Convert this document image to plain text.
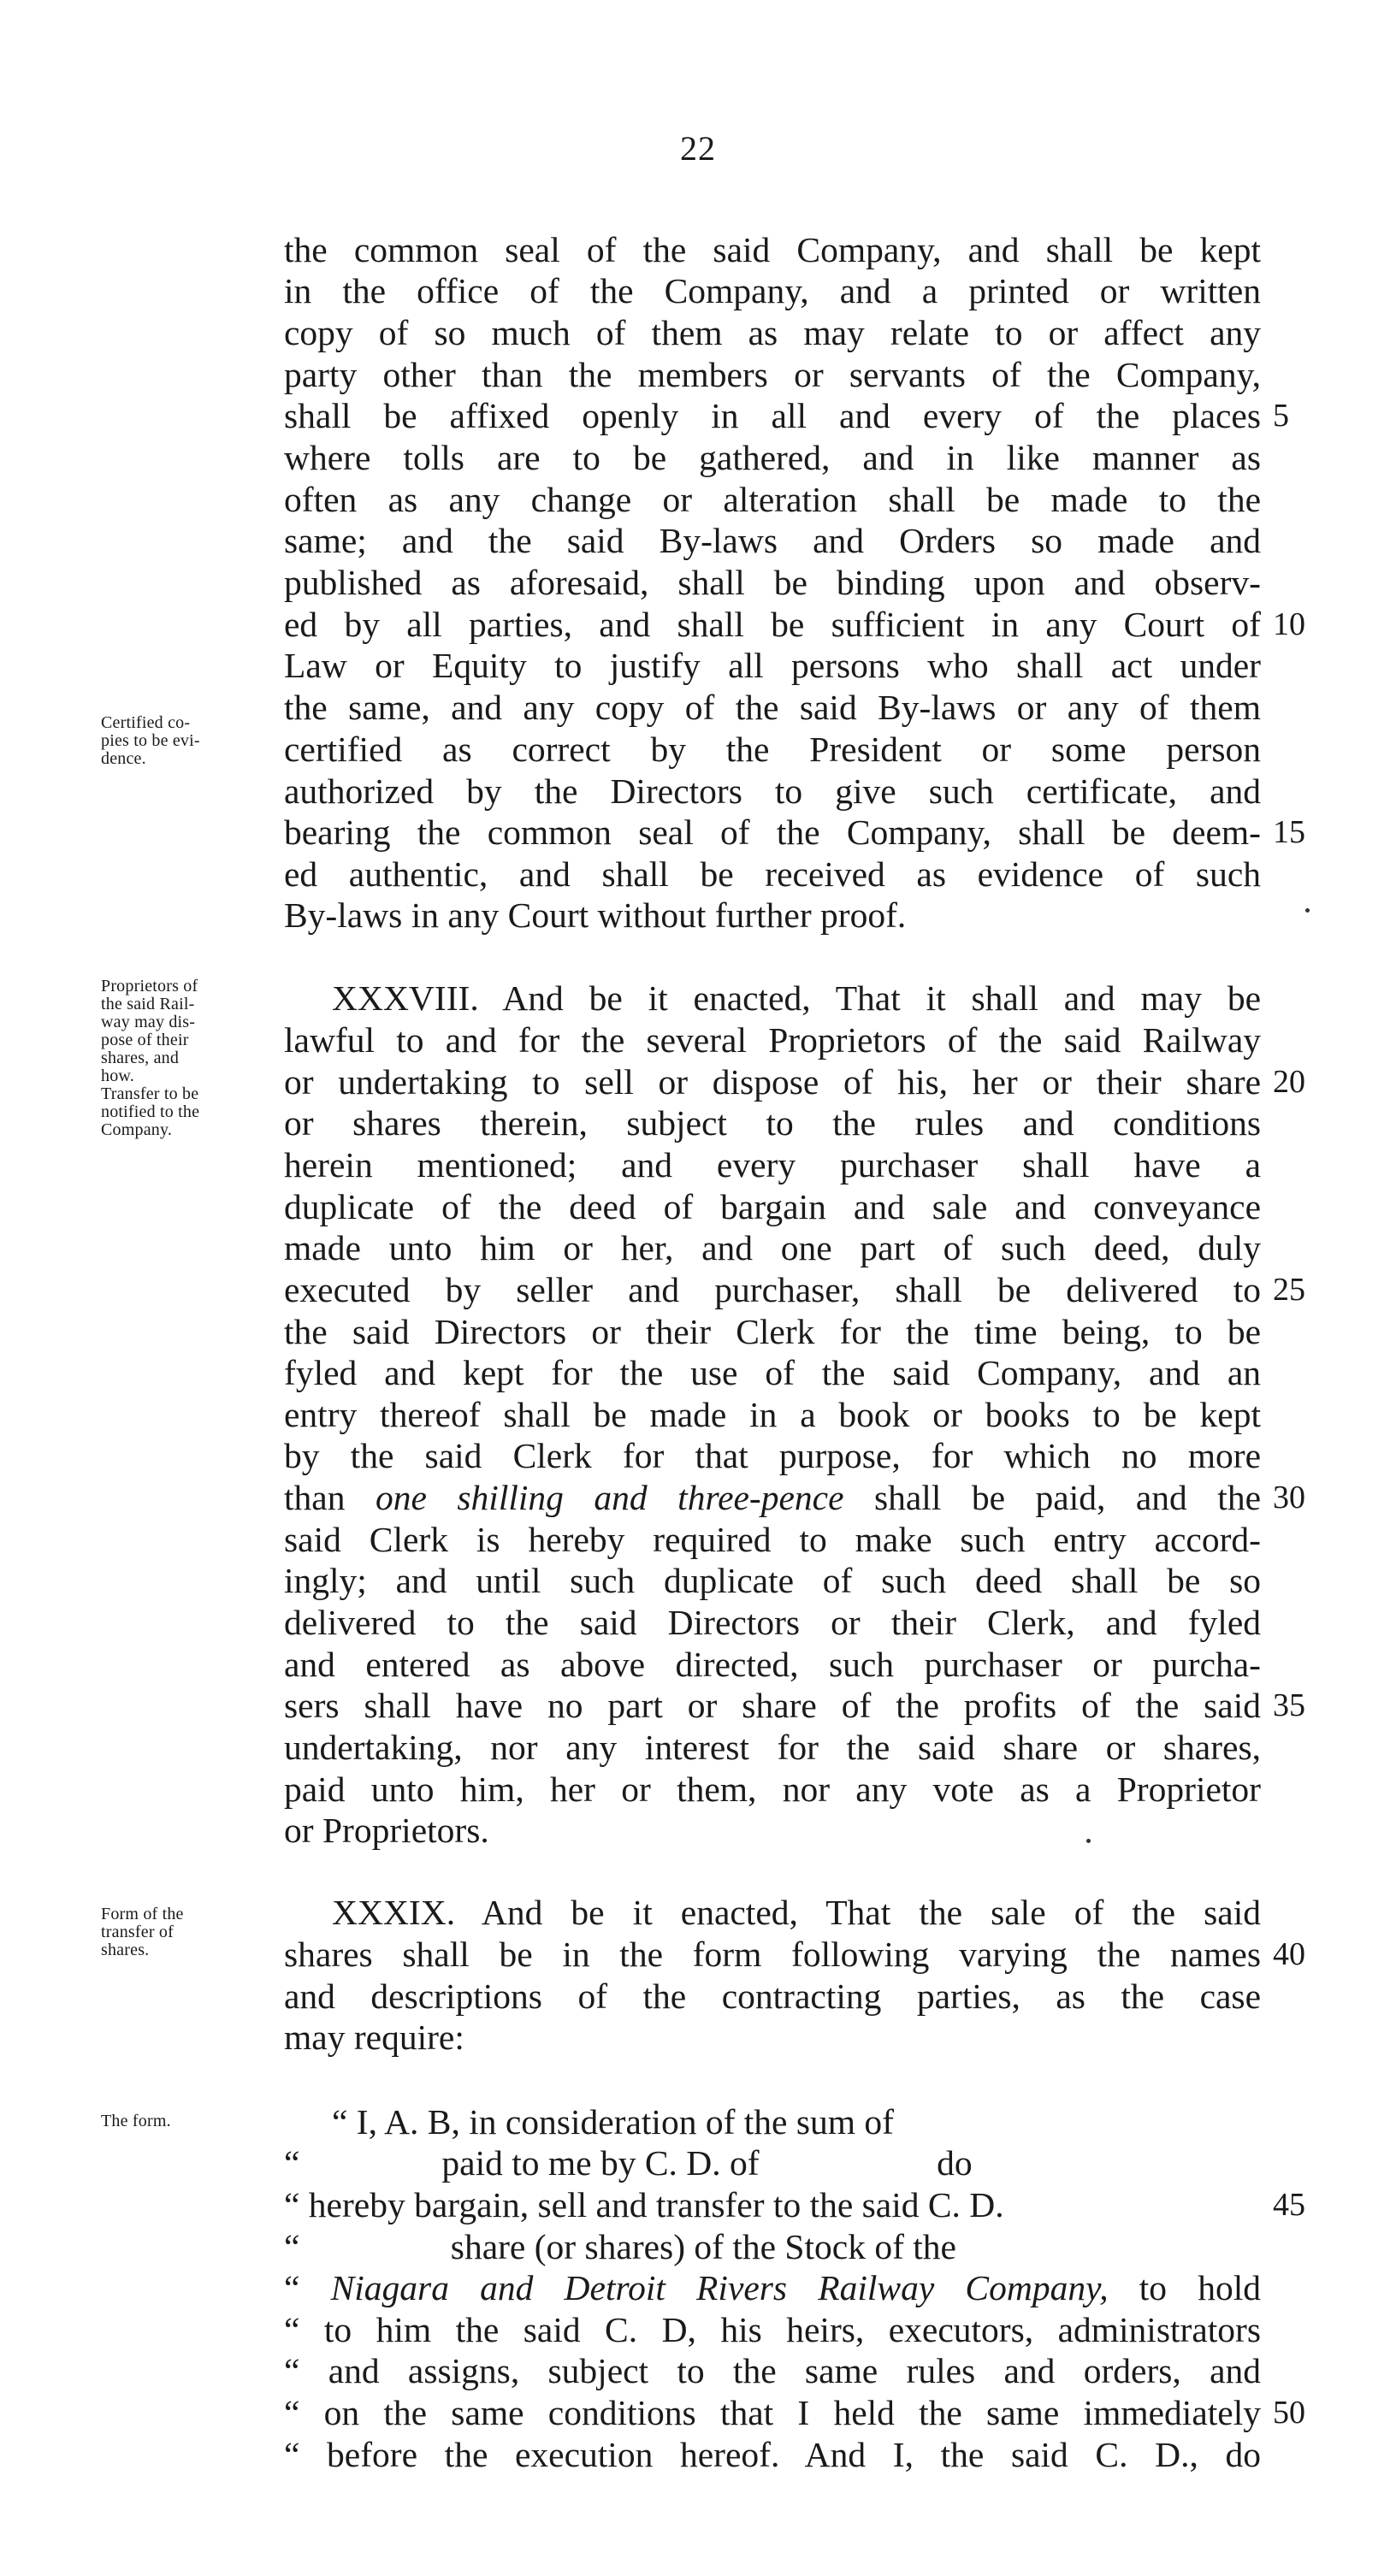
22
Certified co-
pies to be evi-
dence.
Proprietors of
the said Rail-
way may dis-
pose of their
shares, and
how.
Transfer to be
notified to the
Company.
Form of the
transfer of
shares.
The form.
the common seal of the said Company, and shall be kept
in the office of the Company, and a printed or written
copy of so much of them as may relate to or affect any
party other than the members or servants of the Company,
shall be affixed openly in all and every of the places 5
where tolls are to be gathered, and in like manner as
often as any change or alteration shall be made to the
same; and the said By-laws and Orders so made and
published as aforesaid, shall be binding upon and observ-
ed by all parties, and shall be sufficient in any Court of 10
Law or Equity to justify all persons who shall act under
the same, and any copy of the said By-laws or any of them
certified as correct by the President or some person
authorized by the Directors to give such certificate, and
bearing the common seal of the Company, shall be deem- 15
ed authentic, and shall be received as evidence of such
By-laws in any Court without further proof.
XXXVIII. And be it enacted, That it shall and may be
lawful to and for the several Proprietors of the said Railway
or undertaking to sell or dispose of his, her or their share 20
or shares therein, subject to the rules and conditions
herein mentioned; and every purchaser shall have a
duplicate of the deed of bargain and sale and conveyance
made unto him or her, and one part of such deed, duly
executed by seller and purchaser, shall be delivered to 25
the said Directors or their Clerk for the time being, to be
fyled and kept for the use of the said Company, and an
entry thereof shall be made in a book or books to be kept
by the said Clerk for that purpose, for which no more
than one shilling and three-pence shall be paid, and the 30
said Clerk is hereby required to make such entry accord-
ingly; and until such duplicate of such deed shall be so
delivered to the said Directors or their Clerk, and fyled
and entered as above directed, such purchaser or purcha-
sers shall have no part or share of the profits of the said 35
undertaking, nor any interest for the said share or shares,
paid unto him, her or them, nor any vote as a Proprietor
or Proprietors.
XXXIX. And be it enacted, That the sale of the said
shares shall be in the form following varying the names 40
and descriptions of the contracting parties, as the case
may require:
“ I, A. B, in consideration of the sum of
“                paid to me by C. D. of                    do
“ hereby bargain, sell and transfer to the said C. D.	45
“                 share (or shares) of the Stock of the
“ Niagara and Detroit Rivers Railway Company, to hold
“ to him the said C. D, his heirs, executors, administrators
“ and assigns, subject to the same rules and orders, and
“ on the same conditions that I held the same immediately 50
“ before the execution hereof. And I, the said C. D., do
